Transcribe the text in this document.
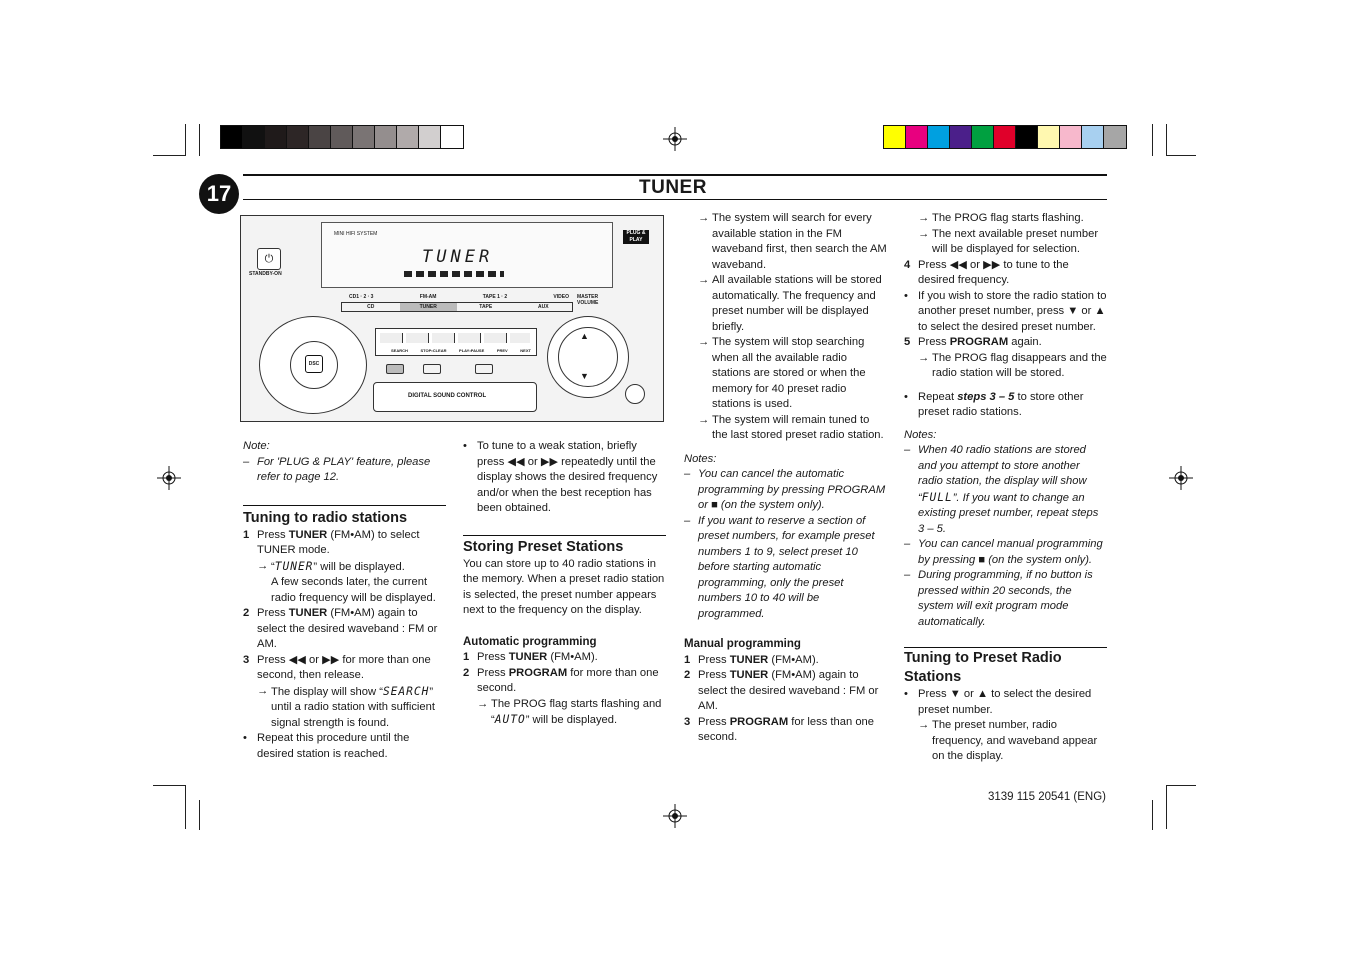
17	TUNER
MINI HIFI SYSTEM
TUNER
PLUG & PLAY
⏻
STANDBY-ON
CD1 · 2 · 3	FM-AM	TAPE 1 · 2	VIDEO
CD	TUNER	TAPE	AUX
MASTER VOLUME
DSC
SEARCH	STOP•CLEAR	PLAY•PAUSE	PREV	NEXT
DIGITAL SOUND CONTROL
▲
▼

Note:

– For 'PLUG & PLAY' feature, please refer to page 12.

Tuning to radio stations

1 Press TUNER (FM•AM) to select TUNER mode.
→ “TUNER” will be displayed.
A few seconds later, the current radio frequency will be displayed.
2 Press TUNER (FM•AM) again to select the desired waveband : FM or AM.
3 Press ◀◀ or ▶▶ for more than one second, then release.
→ The display will show “SEARCH” until a radio station with sufficient signal strength is found.
• Repeat this procedure until the desired station is reached.
• To tune to a weak station, briefly press ◀◀ or ▶▶ repeatedly until the display shows the desired frequency and/or when the best reception has been obtained.

Storing Preset Stations

You can store up to 40 radio stations in the memory. When a preset radio station is selected, the preset number appears next to the frequency on the display.

Automatic programming

1 Press TUNER (FM•AM).
2 Press PROGRAM for more than one second.
→ The PROG flag starts flashing and “AUTO” will be displayed.
→ The system will search for every available station in the FM waveband first, then search the AM waveband.
→ All available stations will be stored automatically. The frequency and preset number will be displayed briefly.
→ The system will stop searching when all the available radio stations are stored or when the memory for 40 preset radio stations is used.
→ The system will remain tuned to the last stored preset radio station.

Notes:

– You can cancel the automatic programming by pressing PROGRAM or ■ (on the system only).
– If you want to reserve a section of preset numbers, for example preset numbers 1 to 9, select preset 10 before starting automatic programming, only the preset numbers 10 to 40 will be programmed.

Manual programming

1 Press TUNER (FM•AM).
2 Press TUNER (FM•AM) again to select the desired waveband : FM or AM.
3 Press PROGRAM for less than one second.
→ The PROG flag starts flashing.
→ The next available preset number will be displayed for selection.
4 Press ◀◀ or ▶▶ to tune to the desired frequency.
• If you wish to store the radio station to another preset number, press ▼ or ▲ to select the desired preset number.
5 Press PROGRAM again.
→ The PROG flag disappears and the radio station will be stored.
• Repeat steps 3 – 5 to store other preset radio stations.

Notes:

– When 40 radio stations are stored and you attempt to store another radio station, the display will show “FULL”. If you want to change an existing preset number, repeat steps 3 – 5.
– You can cancel manual programming by pressing ■ (on the system only).
– During programming, if no button is pressed within 20 seconds, the system will exit program mode automatically.

Tuning to Preset Radio Stations

• Press ▼ or ▲ to select the desired preset number.
→ The preset number, radio frequency, and waveband appear on the display.
3139 115 20541 (ENG)
